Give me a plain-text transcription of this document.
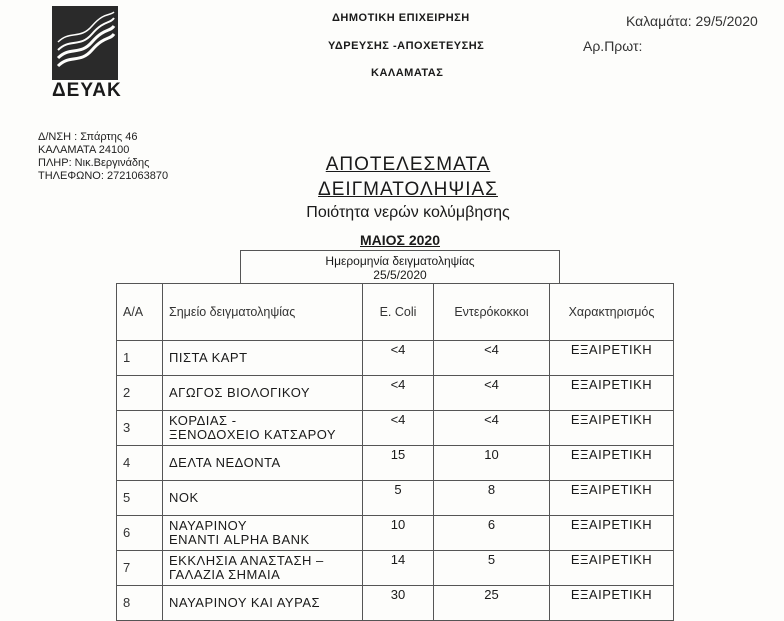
ΔΕΥΑΚ
ΔΗΜΟΤΙΚΗ ΕΠΙΧΕΙΡΗΣΗ
ΥΔΡΕΥΣΗΣ -ΑΠΟΧΕΤΕΥΣΗΣ
ΚΑΛΑΜΑΤΑΣ
Καλαμάτα: 29/5/2020
Αρ.Πρωτ:
Δ/ΝΣΗ : Σπάρτης 46
ΚΑΛΑΜΑΤΑ 24100
ΠΛΗΡ: Νικ.Βεργινάδης
ΤΗΛΕΦΩΝΟ: 2721063870
ΑΠΟΤΕΛΕΣΜΑΤΑ
ΔΕΙΓΜΑΤΟΛΗΨΙΑΣ
Ποιότητα νερών κολύμβησης
ΜΑΙΟΣ 2020
Ημερομηνία δειγματοληψίας
25/5/2020
Α/Α	Σημείο δειγματοληψίας	Ε. Coli	Εντερόκοκκοι	Χαρακτηρισμός
1	ΠΙΣΤΑ ΚΑΡΤ	<4	<4	ΕΞΑΙΡΕΤΙΚΗ
2	ΑΓΩΓΟΣ ΒΙΟΛΟΓΙΚΟΥ	<4	<4	ΕΞΑΙΡΕΤΙΚΗ
3	ΚΟΡΔΙΑΣ -
ΞΕΝΟΔΟΧΕΙΟ ΚΑΤΣΑΡΟΥ	<4	<4	ΕΞΑΙΡΕΤΙΚΗ
4	ΔΕΛΤΑ ΝΕΔΟΝΤΑ	15	10	ΕΞΑΙΡΕΤΙΚΗ
5	ΝΟΚ	5	8	ΕΞΑΙΡΕΤΙΚΗ
6	ΝΑΥΑΡΙΝΟΥ
ΕΝΑΝΤΙ ALPHA BANK	10	6	ΕΞΑΙΡΕΤΙΚΗ
7	ΕΚΚΛΗΣΙΑ ΑΝΑΣΤΑΣΗ –
ΓΑΛΑΖΙΑ ΣΗΜΑΙΑ	14	5	ΕΞΑΙΡΕΤΙΚΗ
8	ΝΑΥΑΡΙΝΟΥ ΚΑΙ ΑΥΡΑΣ	30	25	ΕΞΑΙΡΕΤΙΚΗ
